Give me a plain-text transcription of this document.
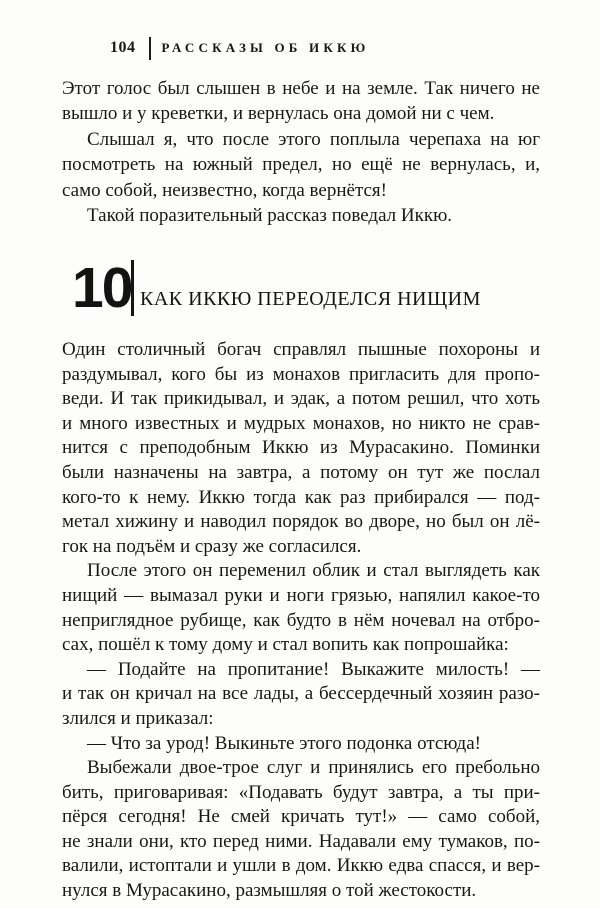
104 РАССКАЗЫ ОБ ИККЮ
Этот голос был слышен в небе и на земле. Так ничего не
вышло и у креветки, и вернулась она домой ни с чем.
Слышал я, что после этого поплыла черепаха на юг
посмотреть на южный предел, но ещё не вернулась, и,
само собой, неизвестно, когда вернётся!
Такой поразительный рассказ поведал Иккю.
10 КАК ИККЮ ПЕРЕОДЕЛСЯ НИЩИМ
Один столичный богач справлял пышные похороны и
раздумывал, кого бы из монахов пригласить для пропо-
веди. И так прикидывал, и эдак, а потом решил, что хоть
и много известных и мудрых монахов, но никто не срав-
нится с преподобным Иккю из Мурасакино. Поминки
были назначены на завтра, а потому он тут же послал
кого-то к нему. Иккю тогда как раз прибирался — под-
метал хижину и наводил порядок во дворе, но был он лё-
гок на подъём и сразу же согласился.
После этого он переменил облик и стал выглядеть как
нищий — вымазал руки и ноги грязью, напялил какое-то
неприглядное рубище, как будто в нём ночевал на отбро-
сах, пошёл к тому дому и стал вопить как попрошайка:
— Подайте на пропитание! Выкажите милость! —
и так он кричал на все лады, а бессердечный хозяин разо-
злился и приказал:
— Что за урод! Выкиньте этого подонка отсюда!
Выбежали двое-трое слуг и принялись его пребольно
бить, приговаривая: «Подавать будут завтра, а ты при-
пёрся сегодня! Не смей кричать тут!» — само собой,
не знали они, кто перед ними. Надавали ему тумаков, по-
валили, истоптали и ушли в дом. Иккю едва спасся, и вер-
нулся в Мурасакино, размышляя о той жестокости.
